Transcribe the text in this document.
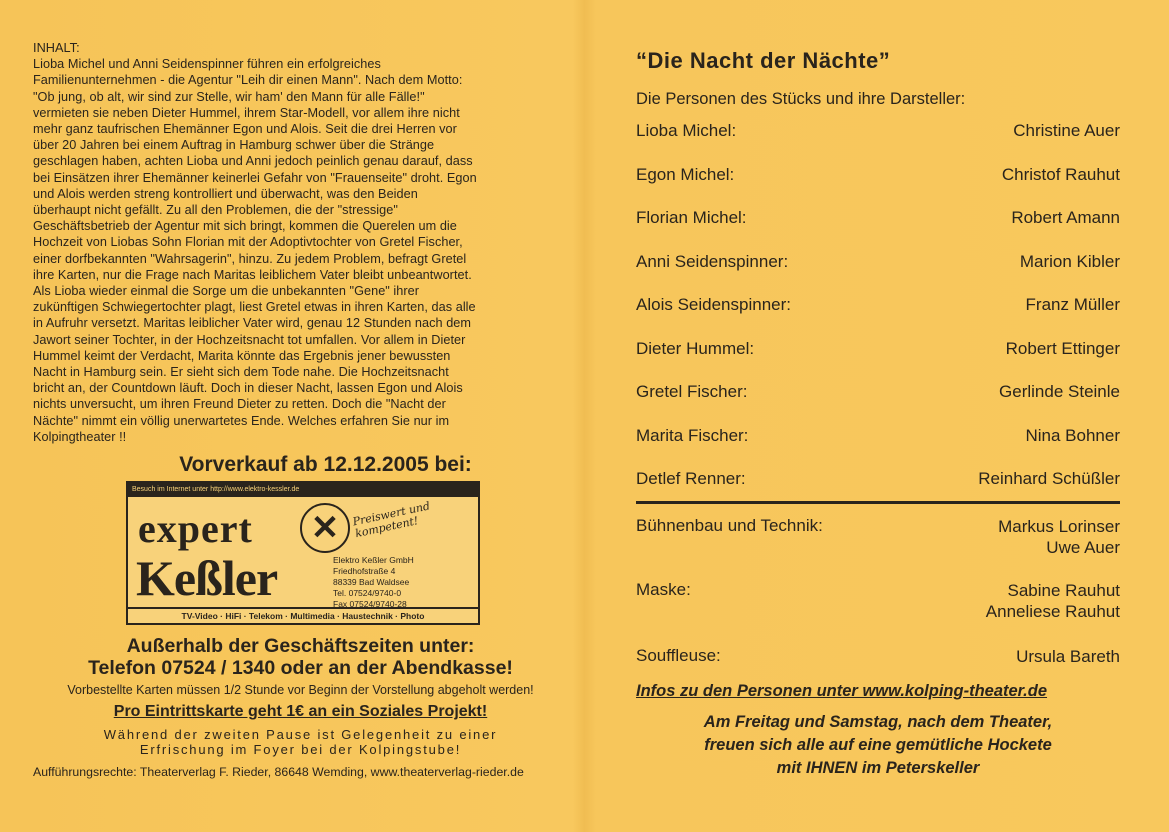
INHALT:
Lioba Michel und Anni Seidenspinner führen ein erfolgreiches
Familienunternehmen - die Agentur "Leih dir einen Mann". Nach dem Motto:
"Ob jung, ob alt, wir sind zur Stelle, wir ham' den Mann für alle Fälle!"
vermieten sie neben Dieter Hummel, ihrem Star-Modell, vor allem ihre nicht
mehr ganz taufrischen Ehemänner Egon und Alois. Seit die drei Herren vor
über 20 Jahren bei einem Auftrag in Hamburg schwer über die Stränge
geschlagen haben, achten Lioba und Anni jedoch peinlich genau darauf, dass
bei Einsätzen ihrer Ehemänner keinerlei Gefahr von "Frauenseite" droht. Egon
und Alois werden streng kontrolliert und überwacht, was den Beiden
überhaupt nicht gefällt. Zu all den Problemen, die der "stressige"
Geschäftsbetrieb der Agentur mit sich bringt, kommen die Querelen um die
Hochzeit von Liobas Sohn Florian mit der Adoptivtochter von Gretel Fischer,
einer dorfbekannten "Wahrsagerin", hinzu. Zu jedem Problem, befragt Gretel
ihre Karten, nur die Frage nach Maritas leiblichem Vater bleibt unbeantwortet.
Als Lioba wieder einmal die Sorge um die unbekannten "Gene" ihrer
zukünftigen Schwiegertochter plagt, liest Gretel etwas in ihren Karten, das alle
in Aufruhr versetzt. Maritas leiblicher Vater wird, genau 12 Stunden nach dem
Jawort seiner Tochter, in der Hochzeitsnacht tot umfallen. Vor allem in Dieter
Hummel keimt der Verdacht, Marita könnte das Ergebnis jener bewussten
Nacht in Hamburg sein. Er sieht sich dem Tode nahe. Die Hochzeitsnacht
bricht an, der Countdown läuft. Doch in dieser Nacht, lassen Egon und Alois
nichts unversucht, um ihren Freund Dieter zu retten. Doch die "Nacht der
Nächte" nimmt ein völlig unerwartetes Ende. Welches erfahren Sie nur im
Kolpingtheater !!
Vorverkauf ab 12.12.2005 bei:
Besuch im Internet unter http://www.elektro-kessler.de
expert	✕	Preiswert und kompetent!
Keßler	Elektro Keßler GmbH
Friedhofstraße 4
88339 Bad Waldsee
Tel. 07524/9740-0
Fax 07524/9740-28
TV-Video · HiFi · Telekom · Multimedia · Haustechnik · Photo
Außerhalb der Geschäftszeiten unter:
Telefon 07524 / 1340 oder an der Abendkasse!
Vorbestellte Karten müssen 1/2 Stunde vor Beginn der Vorstellung abgeholt werden!
Pro Eintrittskarte geht 1€ an ein Soziales Projekt!
Während der zweiten Pause ist Gelegenheit zu einer
Erfrischung im Foyer bei der Kolpingstube!
Aufführungsrechte: Theaterverlag F. Rieder, 86648 Wemding, www.theaterverlag-rieder.de
“Die Nacht der Nächte”
Die Personen des Stücks und ihre Darsteller:
Lioba Michel:	Christine Auer
Egon Michel:	Christof Rauhut
Florian Michel:	Robert Amann
Anni Seidenspinner:	Marion Kibler
Alois Seidenspinner:	Franz Müller
Dieter Hummel:	Robert Ettinger
Gretel Fischer:	Gerlinde Steinle
Marita Fischer:	Nina Bohner
Detlef Renner:	Reinhard Schüßler
Bühnenbau und Technik:	Markus Lorinser
Uwe Auer
Maske:	Sabine Rauhut
Anneliese Rauhut
Souffleuse:	Ursula Bareth
Infos zu den Personen unter www.kolping-theater.de
Am Freitag und Samstag, nach dem Theater,
freuen sich alle auf eine gemütliche Hockete
mit IHNEN im Peterskeller
